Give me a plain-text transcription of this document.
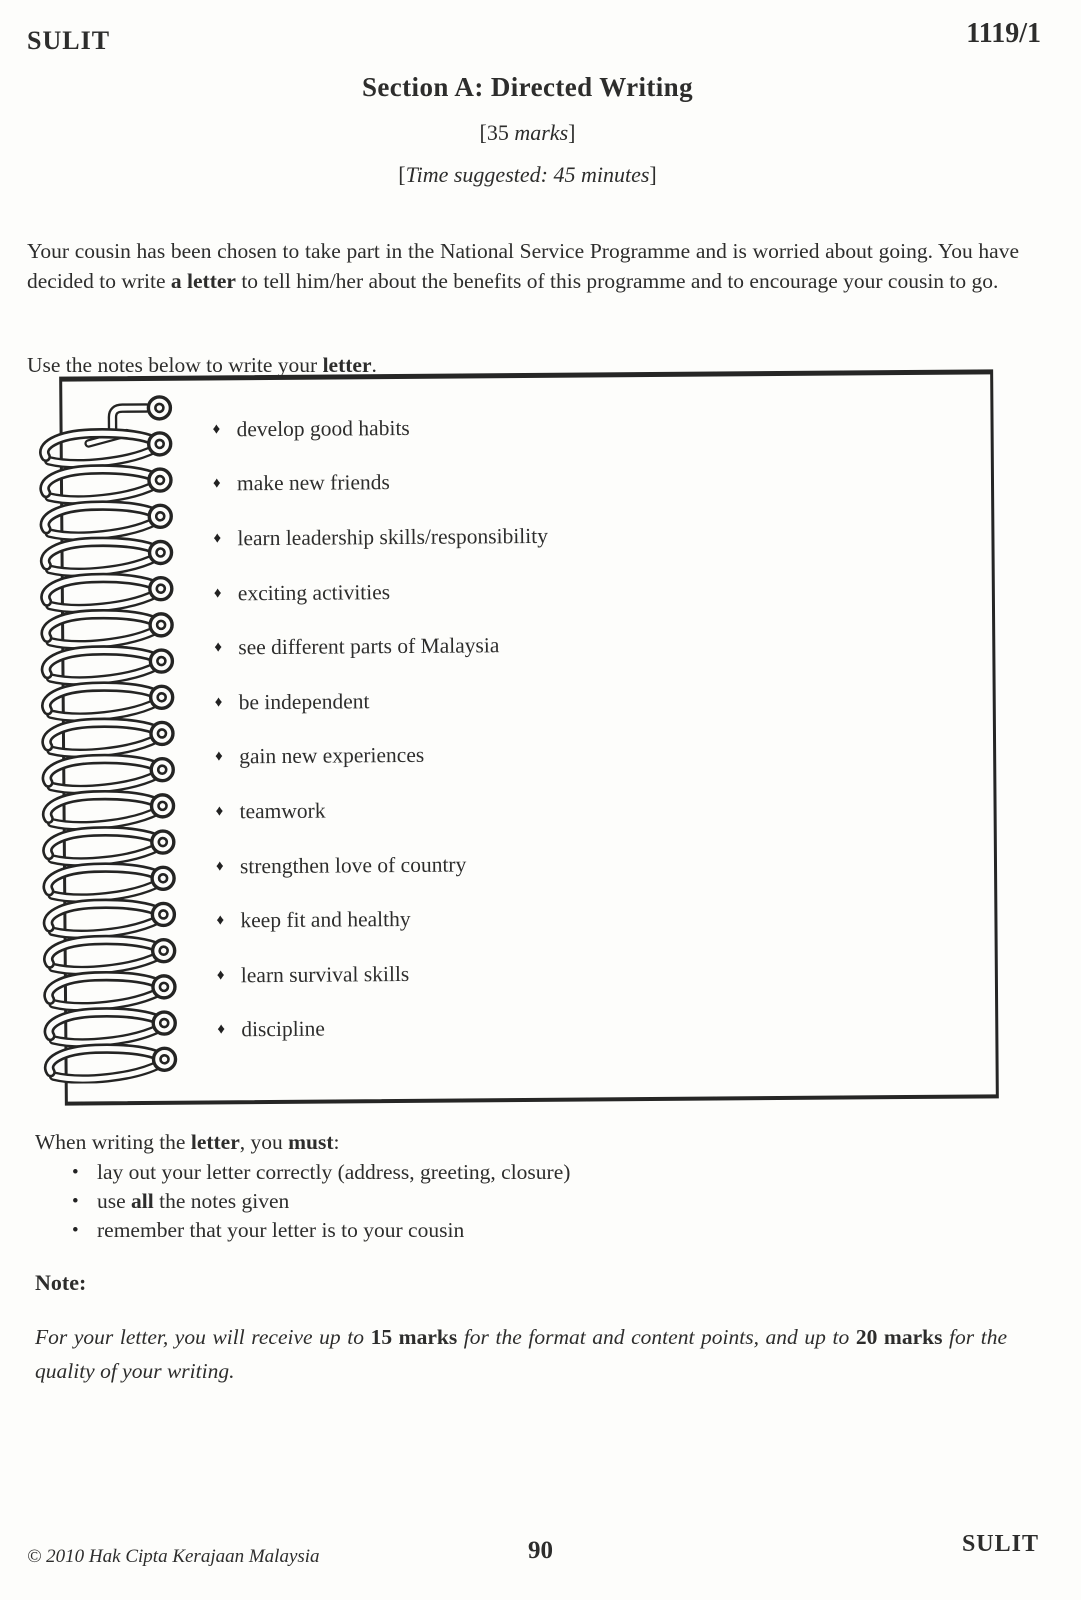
SULIT	1119/1
Section A: Directed Writing
[35 marks]
[Time suggested: 45 minutes]

Your cousin has been chosen to take part in the National Service Programme and is worried about going. You have decided to write a letter to tell him/her about the benefits of this programme and to encourage your cousin to go.

Use the notes below to write your letter.

♦ develop good habits
♦ make new friends
♦ learn leadership skills/responsibility
♦ exciting activities
♦ see different parts of Malaysia
♦ be independent
♦ gain new experiences
♦ teamwork
♦ strengthen love of country
♦ keep fit and healthy
♦ learn survival skills
♦ discipline
When writing the letter, you must:
• lay out your letter correctly (address, greeting, closure)
• use all the notes given
• remember that your letter is to your cousin
Note:

For your letter, you will receive up to 15 marks for the format and content points, and up to 20 marks for the quality of your writing.

© 2010 Hak Cipta Kerajaan Malaysia	90	SULIT
